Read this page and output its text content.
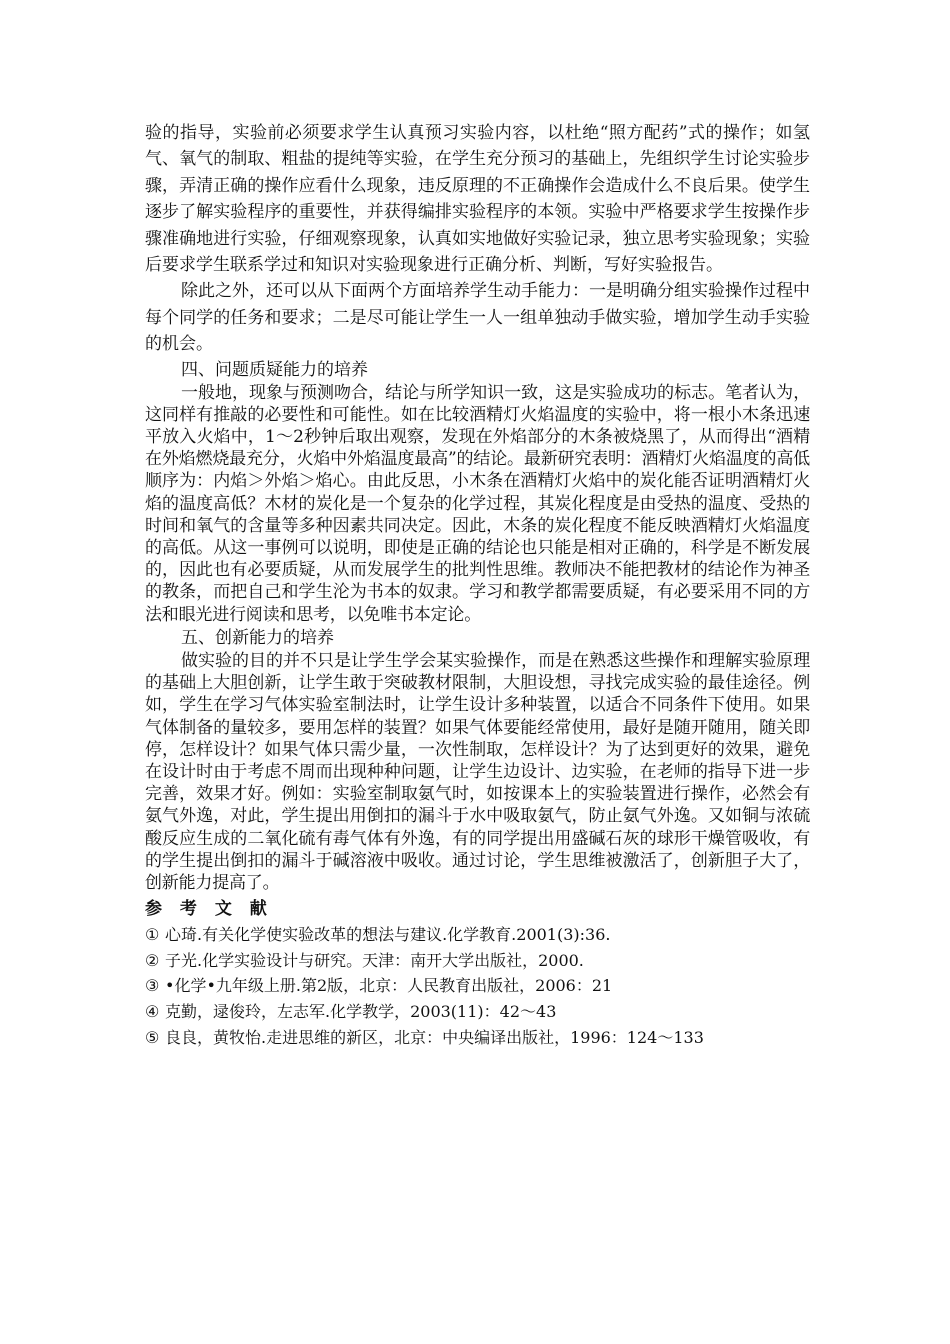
验的指导，实验前必须要求学生认真预习实验内容，以杜绝“照方配药”式的操作；如氢气、氧气的制取、粗盐的提纯等实验，在学生充分预习的基础上，先组织学生讨论实验步骤，弄清正确的操作应看什么现象，违反原理的不正确操作会造成什么不良后果。使学生逐步了解实验程序的重要性，并获得编排实验程序的本领。实验中严格要求学生按操作步骤准确地进行实验，仔细观察现象，认真如实地做好实验记录，独立思考实验现象；实验后要求学生联系学过和知识对实验现象进行正确分析、判断，写好实验报告。

除此之外，还可以从下面两个方面培养学生动手能力：一是明确分组实验操作过程中每个同学的任务和要求；二是尽可能让学生一人一组单独动手做实验，增加学生动手实验的机会。

四、问题质疑能力的培养

一般地，现象与预测吻合，结论与所学知识一致，这是实验成功的标志。笔者认为，这同样有推敲的必要性和可能性。如在比较酒精灯火焰温度的实验中，将一根小木条迅速平放入火焰中，1～2秒钟后取出观察，发现在外焰部分的木条被烧黑了，从而得出“酒精在外焰燃烧最充分，火焰中外焰温度最高”的结论。最新研究表明：酒精灯火焰温度的高低顺序为：内焰＞外焰＞焰心。由此反思，小木条在酒精灯火焰中的炭化能否证明酒精灯火焰的温度高低？木材的炭化是一个复杂的化学过程，其炭化程度是由受热的温度、受热的时间和氧气的含量等多种因素共同决定。因此，木条的炭化程度不能反映酒精灯火焰温度的高低。从这一事例可以说明，即使是正确的结论也只能是相对正确的，科学是不断发展的，因此也有必要质疑，从而发展学生的批判性思维。教师决不能把教材的结论作为神圣的教条，而把自己和学生沦为书本的奴隶。学习和教学都需要质疑，有必要采用不同的方法和眼光进行阅读和思考，以免唯书本定论。

五、创新能力的培养

做实验的目的并不只是让学生学会某实验操作，而是在熟悉这些操作和理解实验原理的基础上大胆创新，让学生敢于突破教材限制，大胆设想，寻找完成实验的最佳途径。例如，学生在学习气体实验室制法时，让学生设计多种装置，以适合不同条件下使用。如果气体制备的量较多，要用怎样的装置？如果气体要能经常使用，最好是随开随用，随关即停，怎样设计？如果气体只需少量，一次性制取，怎样设计？为了达到更好的效果，避免在设计时由于考虑不周而出现种种问题，让学生边设计、边实验，在老师的指导下进一步完善，效果才好。例如：实验室制取氨气时，如按课本上的实验装置进行操作，必然会有氨气外逸，对此，学生提出用倒扣的漏斗于水中吸取氨气，防止氨气外逸。又如铜与浓硫酸反应生成的二氧化硫有毒气体有外逸，有的同学提出用盛碱石灰的球形干燥管吸收，有的学生提出倒扣的漏斗于碱溶液中吸收。通过讨论，学生思维被激活了，创新胆子大了，创新能力提高了。

参 考 文 献

① 心琦.有关化学使实验改革的想法与建议.化学教育.2001(3):36.
② 子光.化学实验设计与研究。天津：南开大学出版社，2000.
③ •化学•九年级上册.第2版，北京：人民教育出版社，2006：21
④ 克勤，逯俊玲，左志军.化学教学，2003(11)：42～43
⑤ 良良，黄牧怡.走进思维的新区，北京：中央编译出版社，1996：124～133
